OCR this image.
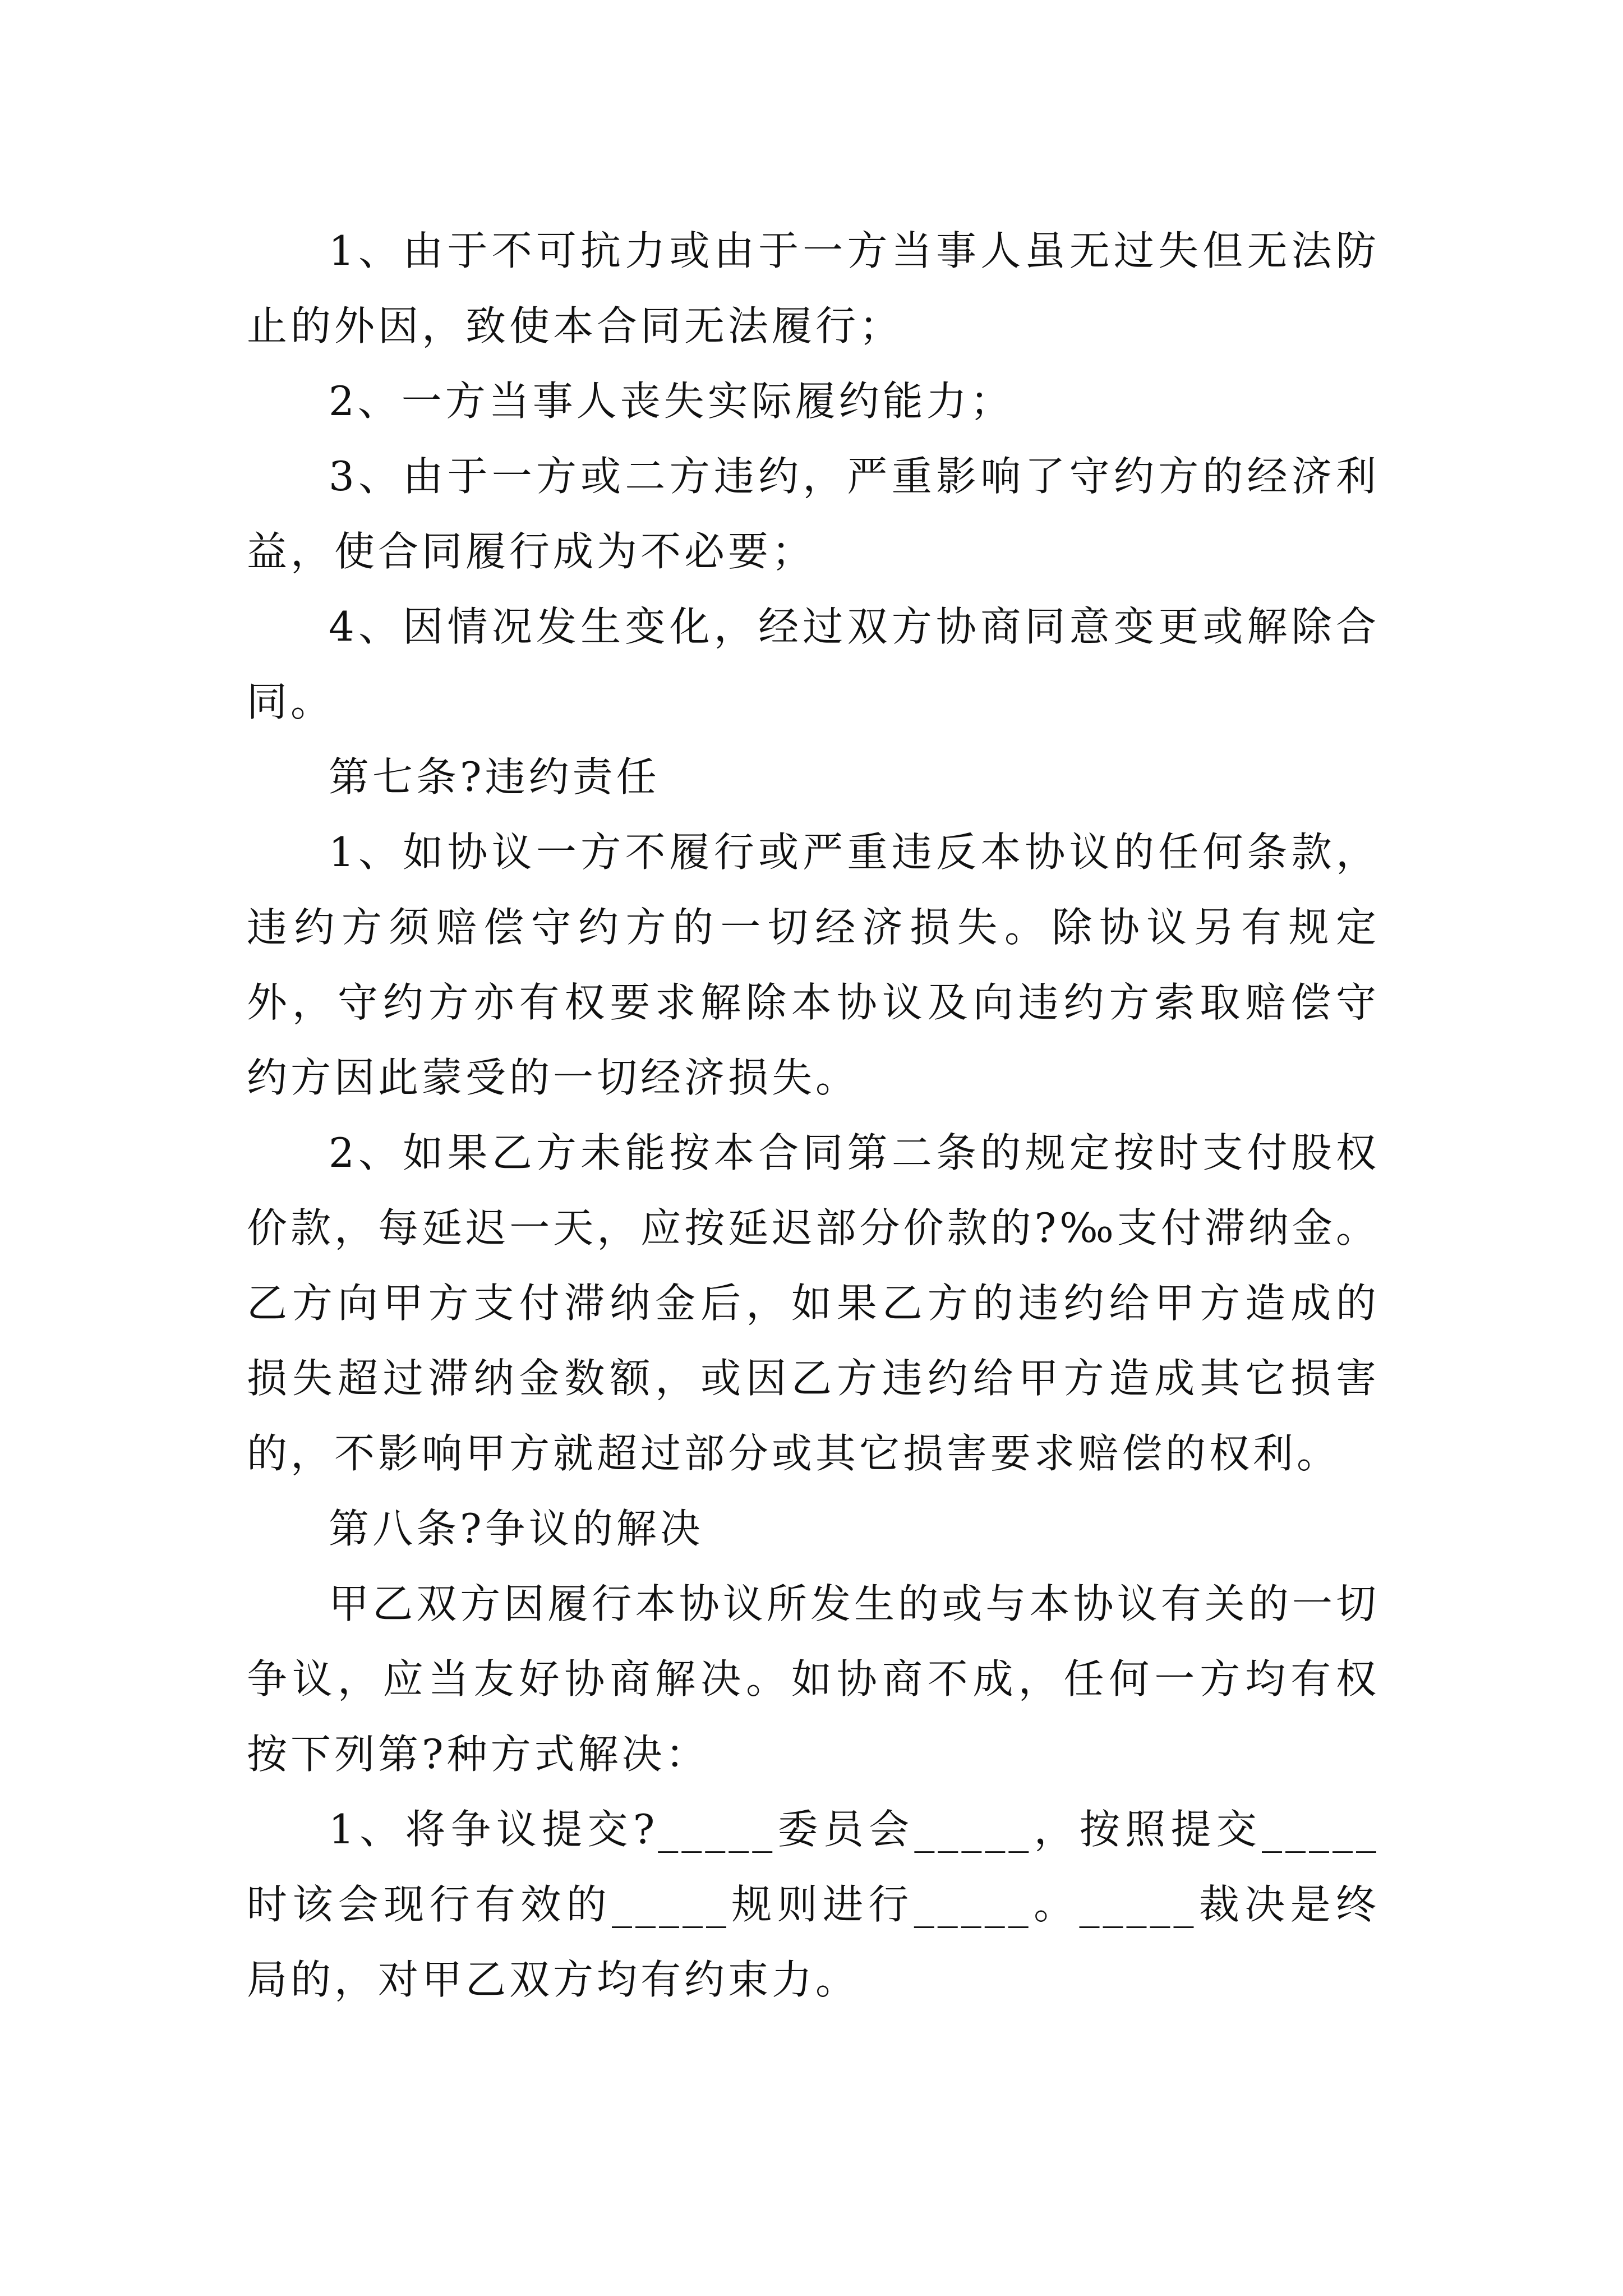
1、由于不可抗力或由于一方当事人虽无过失但无法防止的外因，致使本合同无法履行；

2、一方当事人丧失实际履约能力；

3、由于一方或二方违约，严重影响了守约方的经济利益，使合同履行成为不必要；

4、因情况发生变化，经过双方协商同意变更或解除合同。

第七条?违约责任

1、如协议一方不履行或严重违反本协议的任何条款，违约方须赔偿守约方的一切经济损失。除协议另有规定外，守约方亦有权要求解除本协议及向违约方索取赔偿守约方因此蒙受的一切经济损失。

2、如果乙方未能按本合同第二条的规定按时支付股权价款，每延迟一天，应按延迟部分价款的?‰支付滞纳金。乙方向甲方支付滞纳金后，如果乙方的违约给甲方造成的损失超过滞纳金数额，或因乙方违约给甲方造成其它损害的，不影响甲方就超过部分或其它损害要求赔偿的权利。

第八条?争议的解决

甲乙双方因履行本协议所发生的或与本协议有关的一切争议，应当友好协商解决。如协商不成，任何一方均有权按下列第?种方式解决：

1、将争议提交?_____委员会_____，按照提交_____时该会现行有效的_____规则进行_____。_____裁决是终局的，对甲乙双方均有约束力。
